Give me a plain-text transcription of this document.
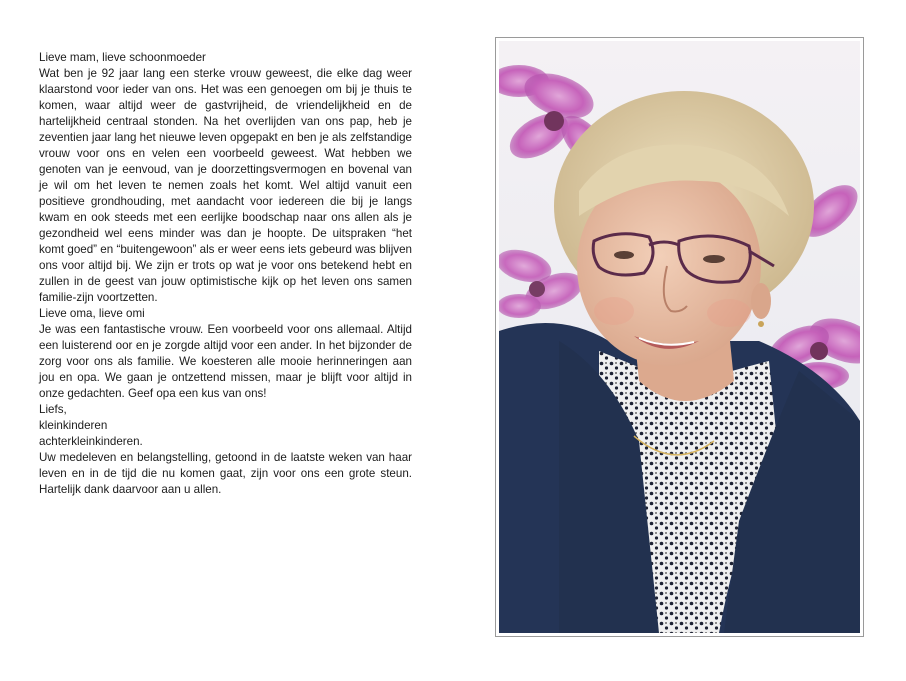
Lieve mam, lieve schoonmoeder
Wat ben je 92 jaar lang een sterke vrouw geweest, die elke dag weer klaarstond voor ieder van ons. Het was een genoegen om bij je thuis te komen, waar altijd weer de gastvrijheid, de vriendelijkheid en de hartelijkheid centraal stonden. Na het overlijden van ons pap, heb je zeventien jaar lang het nieuwe leven opgepakt en ben je als zelfstandige vrouw voor ons en velen een voorbeeld geweest. Wat hebben we genoten van je eenvoud, van je doorzettingsvermogen en bovenal van je wil om het leven te nemen zoals het komt. Wel altijd vanuit een positieve grondhouding, met aandacht voor iedereen die bij je langs kwam en ook steeds met een eerlijke boodschap naar ons allen als je gezondheid wel eens minder was dan je hoopte. De uitspraken “het komt goed” en “buitengewoon” als er weer eens iets gebeurd was blijven ons voor altijd bij. We zijn er trots op wat je voor ons betekend hebt en zullen in de geest van jouw optimistische kijk op het leven ons samen familie-zijn voortzetten.

Lieve oma, lieve omi
Je was een fantastische vrouw. Een voorbeeld voor ons allemaal. Altijd een luisterend oor en je zorgde altijd voor een ander. In het bijzonder de zorg voor ons als familie. We koesteren alle mooie herinneringen aan jou en opa. We gaan je ontzettend missen, maar je blijft voor altijd in onze gedachten. Geef opa een kus van ons!

Liefs,
kleinkinderen
achterkleinkinderen.

Uw medeleven en belangstelling, getoond in de laatste weken van haar leven en in de tijd die nu komen gaat, zijn voor ons een grote steun. Hartelijk dank daarvoor aan u allen.
